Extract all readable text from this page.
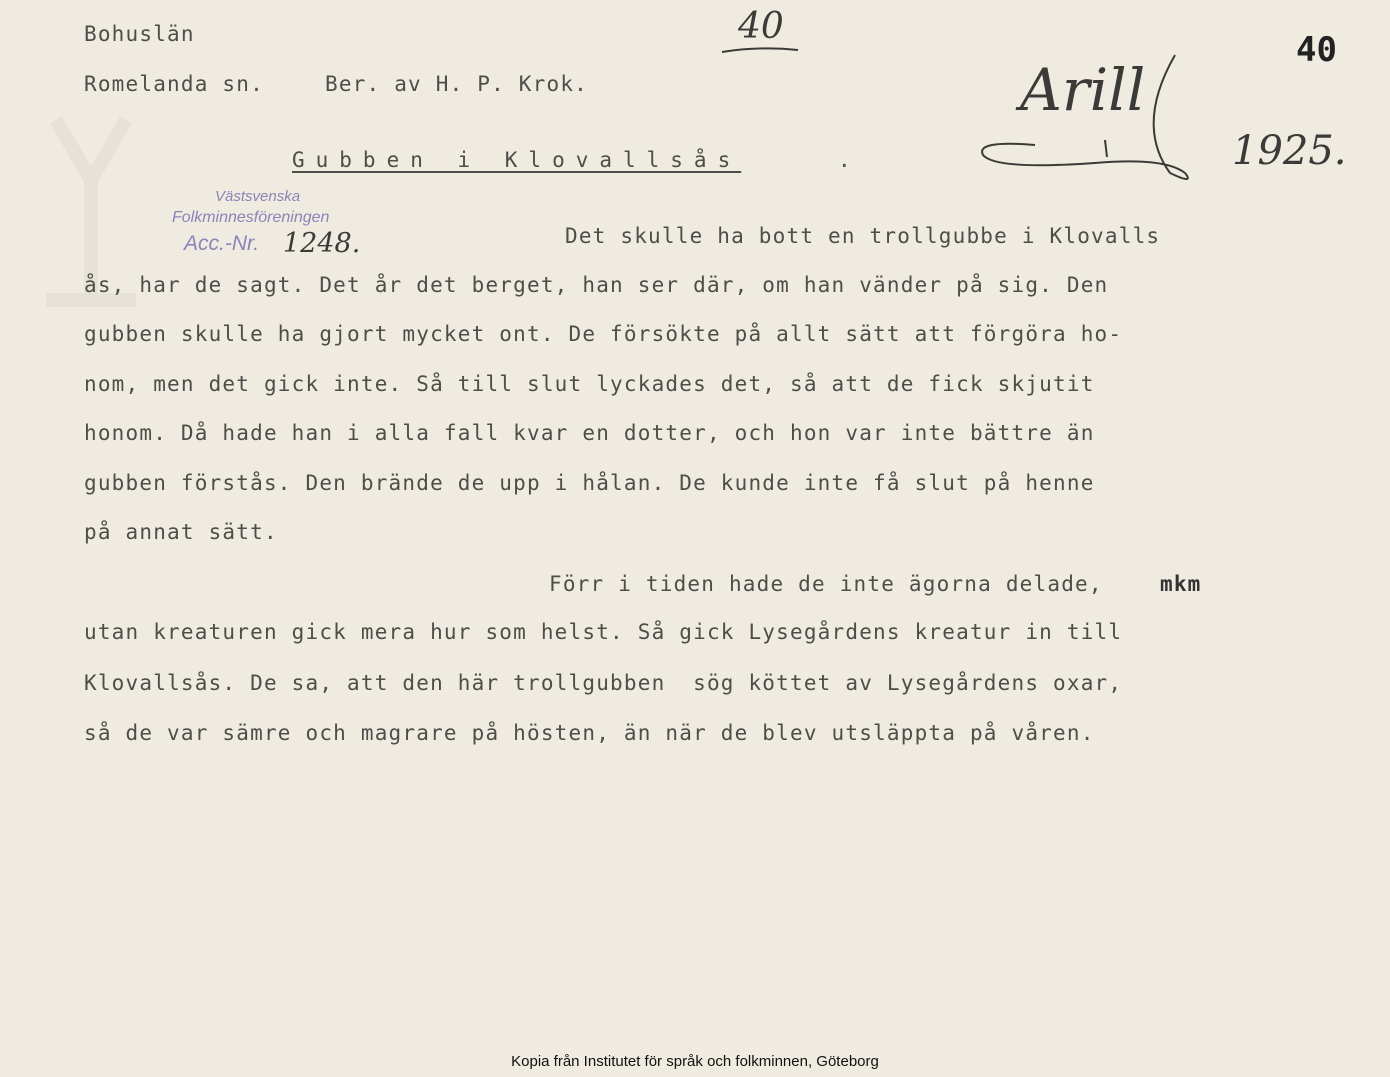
Bohuslän
Romelanda sn.	Ber. av H. P. Krok.
40
40
Arill
1925.
Gubben i Klovallsås	.
Västsvenska
Folkminnesföreningen
Acc.-Nr. 1248.	Det skulle ha bott en trollgubbe i Klovalls
ås, har de sagt. Det år det berget, han ser där, om han vänder på sig. Den
gubben skulle ha gjort mycket ont. De försökte på allt sätt att förgöra ho-
nom, men det gick inte. Så till slut lyckades det, så att de fick skjutit
honom. Då hade han i alla fall kvar en dotter, och hon var inte bättre än
gubben förstås. Den brände de upp i hålan. De kunde inte få slut på henne
på annat sätt.
Förr i tiden hade de inte ägorna delade,	mkm
utan kreaturen gick mera hur som helst. Så gick Lysegårdens kreatur in till
Klovallsås. De sa, att den här trollgubben  sög köttet av Lysegårdens oxar,
så de var sämre och magrare på hösten, än när de blev utsläppta på våren.
Kopia från Institutet för språk och folkminnen, Göteborg
